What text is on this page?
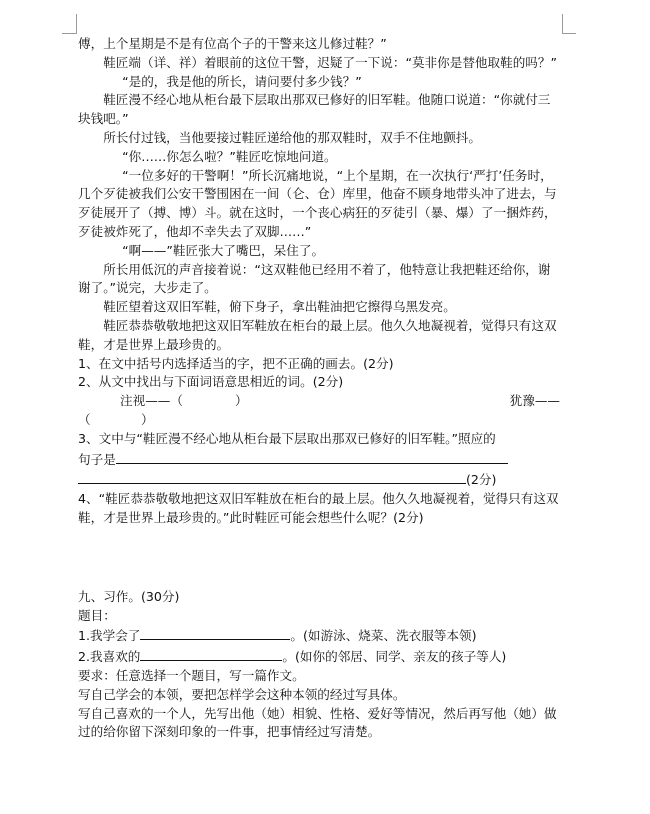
傅，上个星期是不是有位高个子的干警来这儿修过鞋？”

鞋匠端（详、祥）着眼前的这位干警，迟疑了一下说：“莫非你是替他取鞋的吗？”

“是的，我是他的所长，请问要付多少钱？”

鞋匠漫不经心地从柜台最下层取出那双已修好的旧军鞋。他随口说道：“你就付三块钱吧。”

所长付过钱，当他要接过鞋匠递给他的那双鞋时，双手不住地颤抖。

“你……你怎么啦？”鞋匠吃惊地问道。

“一位多好的干警啊！”所长沉痛地说，“上个星期，在一次执行‘严打’任务时，几个歹徒被我们公安干警围困在一间（仑、仓）库里，他奋不顾身地带头冲了进去，与歹徒展开了（搏、博）斗。就在这时，一个丧心病狂的歹徒引（暴、爆）了一捆炸药，歹徒被炸死了，他却不幸失去了双脚……”

“啊——”鞋匠张大了嘴巴，呆住了。

所长用低沉的声音接着说：“这双鞋他已经用不着了，他特意让我把鞋还给你，谢谢了。”说完，大步走了。

鞋匠望着这双旧军鞋，俯下身子，拿出鞋油把它擦得乌黑发亮。

鞋匠恭恭敬敬地把这双旧军鞋放在柜台的最上层。他久久地凝视着，觉得只有这双鞋，才是世界上最珍贵的。

1、在文中括号内选择适当的字，把不正确的画去。(2分)

2、从文中找出与下面词语意思相近的词。(2分)

注视——（	）	犹豫——

（　　　　）

3、文中与“鞋匠漫不经心地从柜台最下层取出那双已修好的旧军鞋。”照应的

句子是

(2分)

4、“鞋匠恭恭敬敬地把这双旧军鞋放在柜台的最上层。他久久地凝视着，觉得只有这双鞋，才是世界上最珍贵的。”此时鞋匠可能会想些什么呢？(2分)

九、习作。(30分)

题目：

1.我学会了	。(如游泳、烧菜、洗衣服等本领)

2.我喜欢的	。(如你的邻居、同学、亲友的孩子等人)

要求：任意选择一个题目，写一篇作文。

写自己学会的本领，要把怎样学会这种本领的经过写具体。

写自己喜欢的一个人，先写出他（她）相貌、性格、爱好等情况，然后再写他（她）做过的给你留下深刻印象的一件事，把事情经过写清楚。
